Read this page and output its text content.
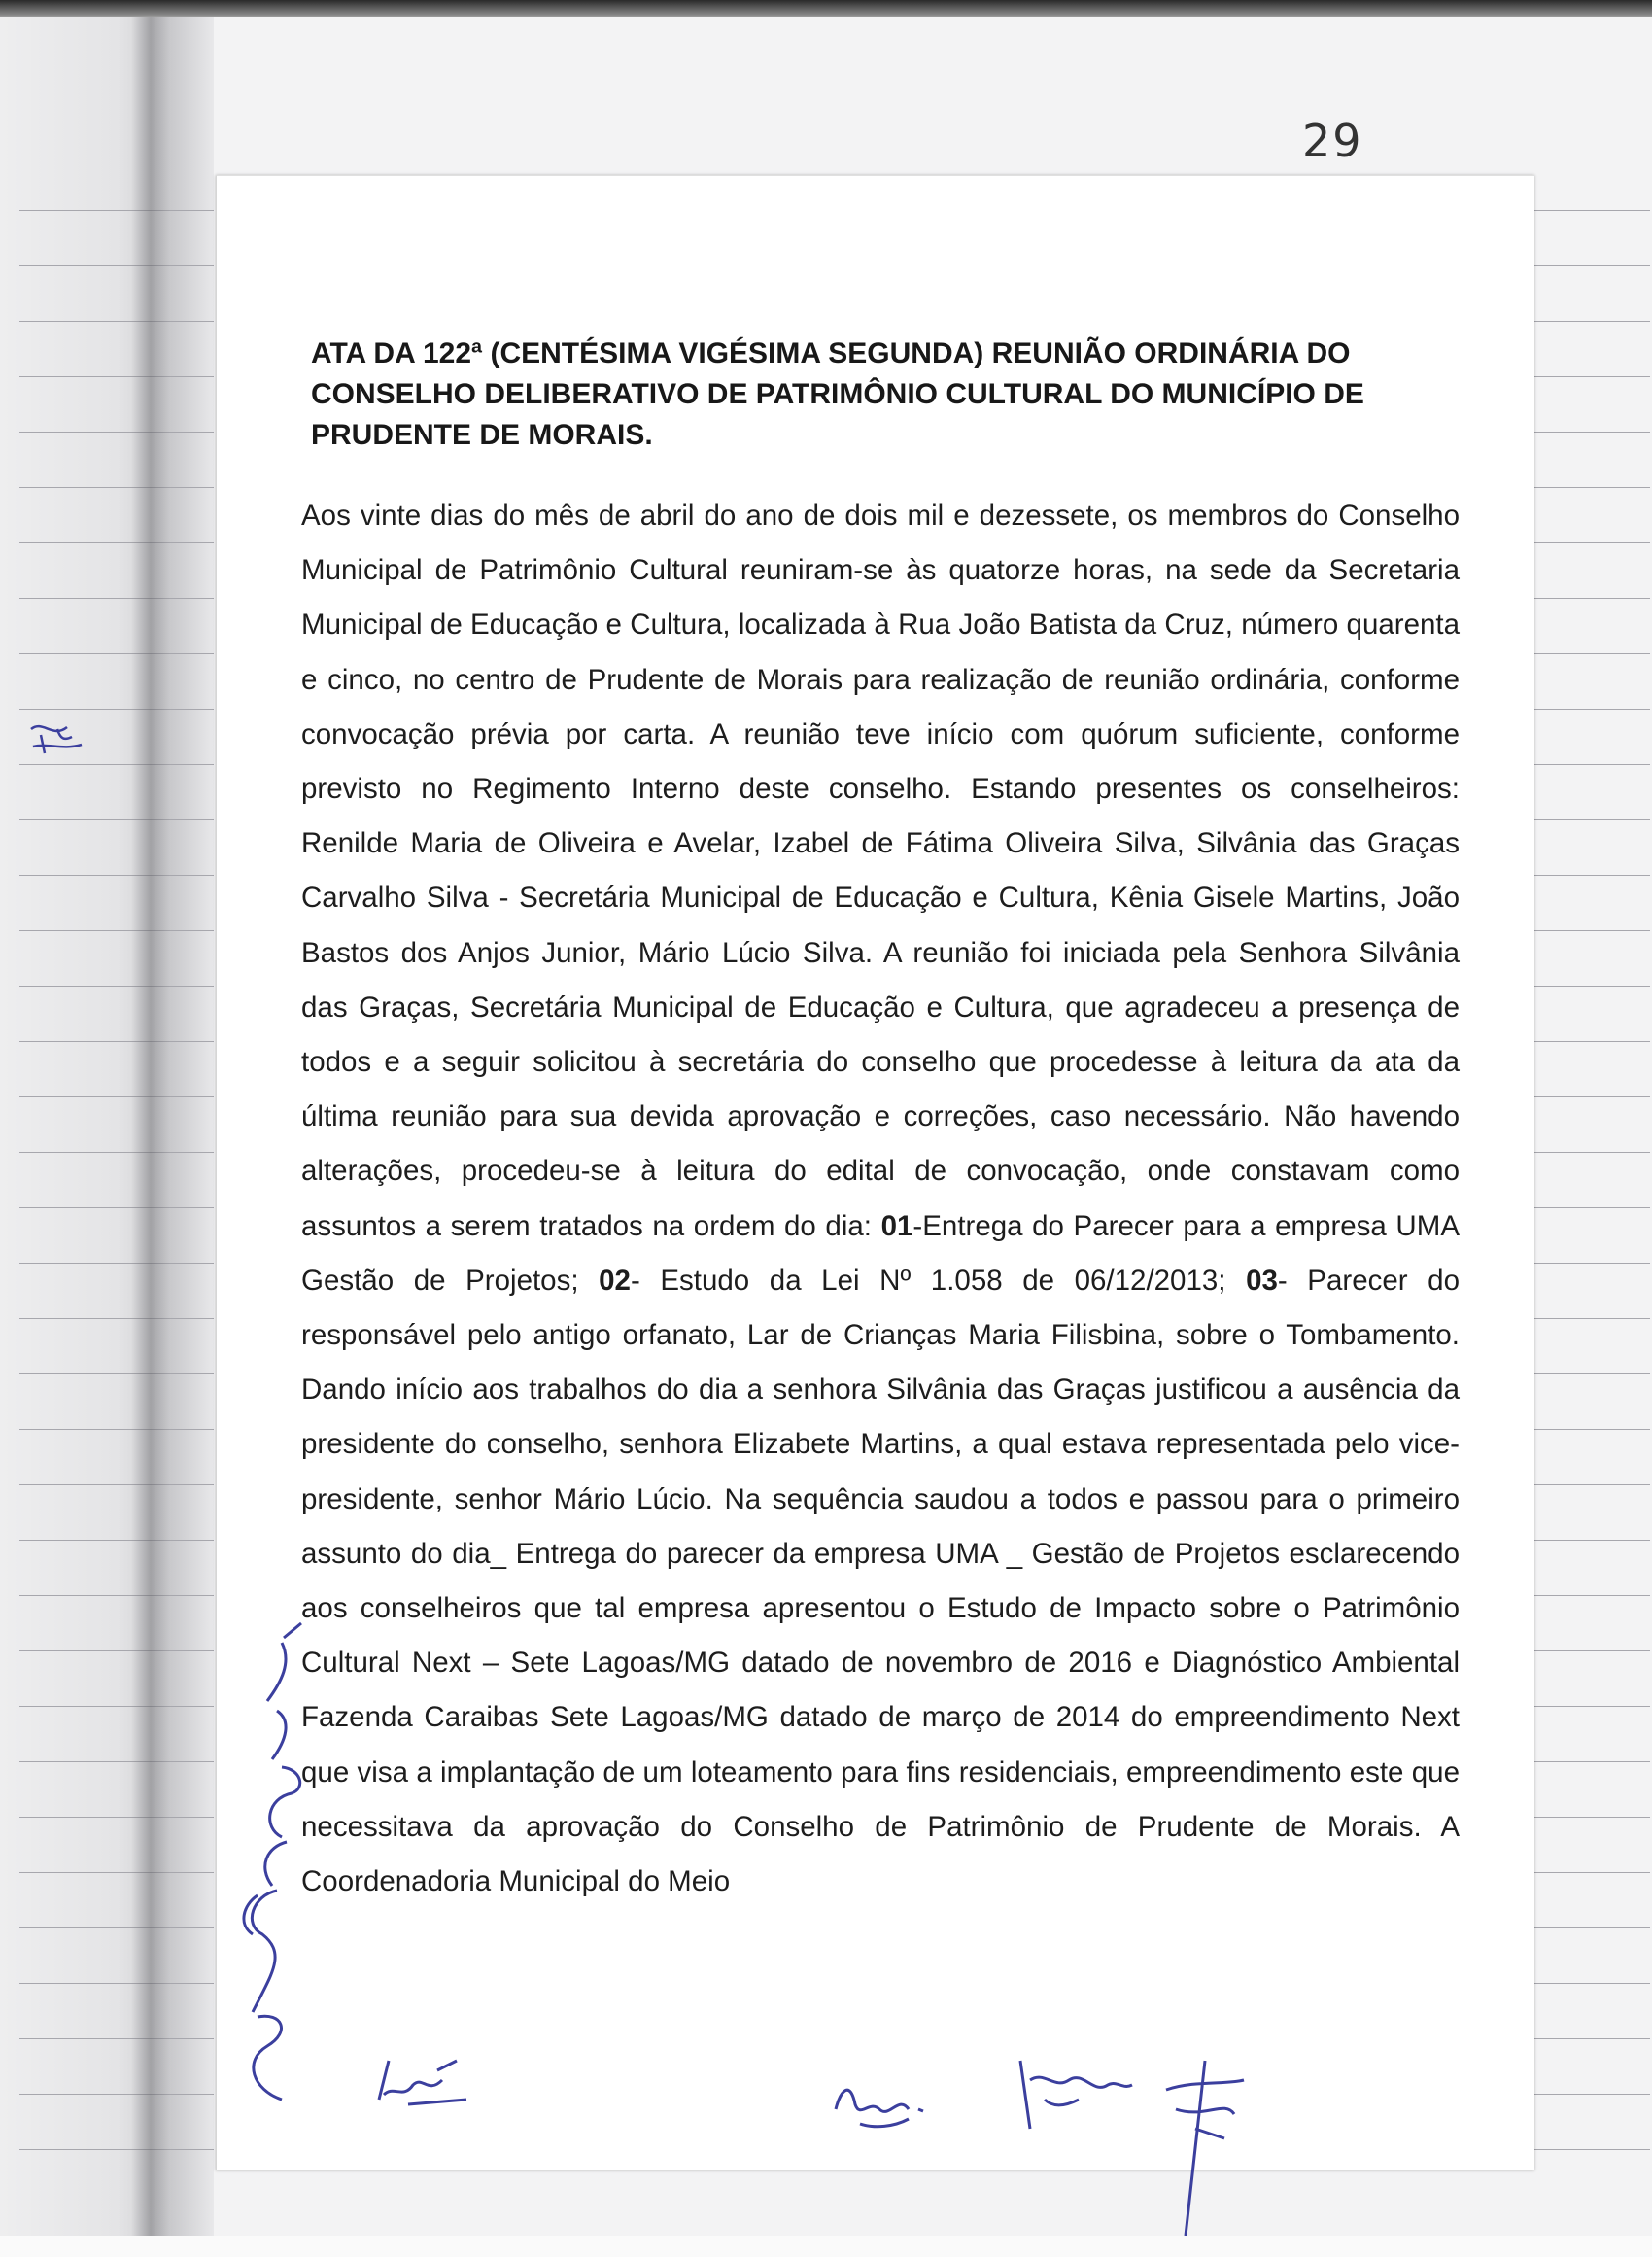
29
ATA DA 122ª (CENTÉSIMA VIGÉSIMA SEGUNDA) REUNIÃO ORDINÁRIA DO CONSELHO DELIBERATIVO DE PATRIMÔNIO CULTURAL DO MUNICÍPIO DE PRUDENTE DE MORAIS.

Aos vinte dias do mês de abril do ano de dois mil e dezessete, os membros do Conselho Municipal de Patrimônio Cultural reuniram-se às quatorze horas, na sede da Secretaria Municipal de Educação e Cultura, localizada à Rua João Batista da Cruz, número quarenta e cinco, no centro de Prudente de Morais para realização de reunião ordinária, conforme convocação prévia por carta. A reunião teve início com quórum suficiente, conforme previsto no Regimento Interno deste conselho. Estando presentes os conselheiros: Renilde Maria de Oliveira e Avelar, Izabel de Fátima Oliveira Silva, Silvânia das Graças Carvalho Silva - Secretária Municipal de Educação e Cultura, Kênia Gisele Martins, João Bastos dos Anjos Junior, Mário Lúcio Silva. A reunião foi iniciada pela Senhora Silvânia das Graças, Secretária Municipal de Educação e Cultura, que agradeceu a presença de todos e a seguir solicitou à secretária do conselho que procedesse à leitura da ata da última reunião para sua devida aprovação e correções, caso necessário. Não havendo alterações, procedeu-se à leitura do edital de convocação, onde constavam como assuntos a serem tratados na ordem do dia: 01-Entrega do Parecer para a empresa UMA Gestão de Projetos; 02- Estudo da Lei Nº 1.058 de 06/12/2013; 03- Parecer do responsável pelo antigo orfanato, Lar de Crianças Maria Filisbina, sobre o Tombamento. Dando início aos trabalhos do dia a senhora Silvânia das Graças justificou a ausência da presidente do conselho, senhora Elizabete Martins, a qual estava representada pelo vice-presidente, senhor Mário Lúcio. Na sequência saudou a todos e passou para o primeiro assunto do dia_ Entrega do parecer da empresa UMA _ Gestão de Projetos esclarecendo aos conselheiros que tal empresa apresentou o Estudo de Impacto sobre o Patrimônio Cultural Next – Sete Lagoas/MG datado de novembro de 2016 e Diagnóstico Ambiental Fazenda Caraibas Sete Lagoas/MG datado de março de 2014 do empreendimento Next que visa a implantação de um loteamento para fins residenciais, empreendimento este que necessitava da aprovação do Conselho de Patrimônio de Prudente de Morais. A Coordenadoria Municipal do Meio
